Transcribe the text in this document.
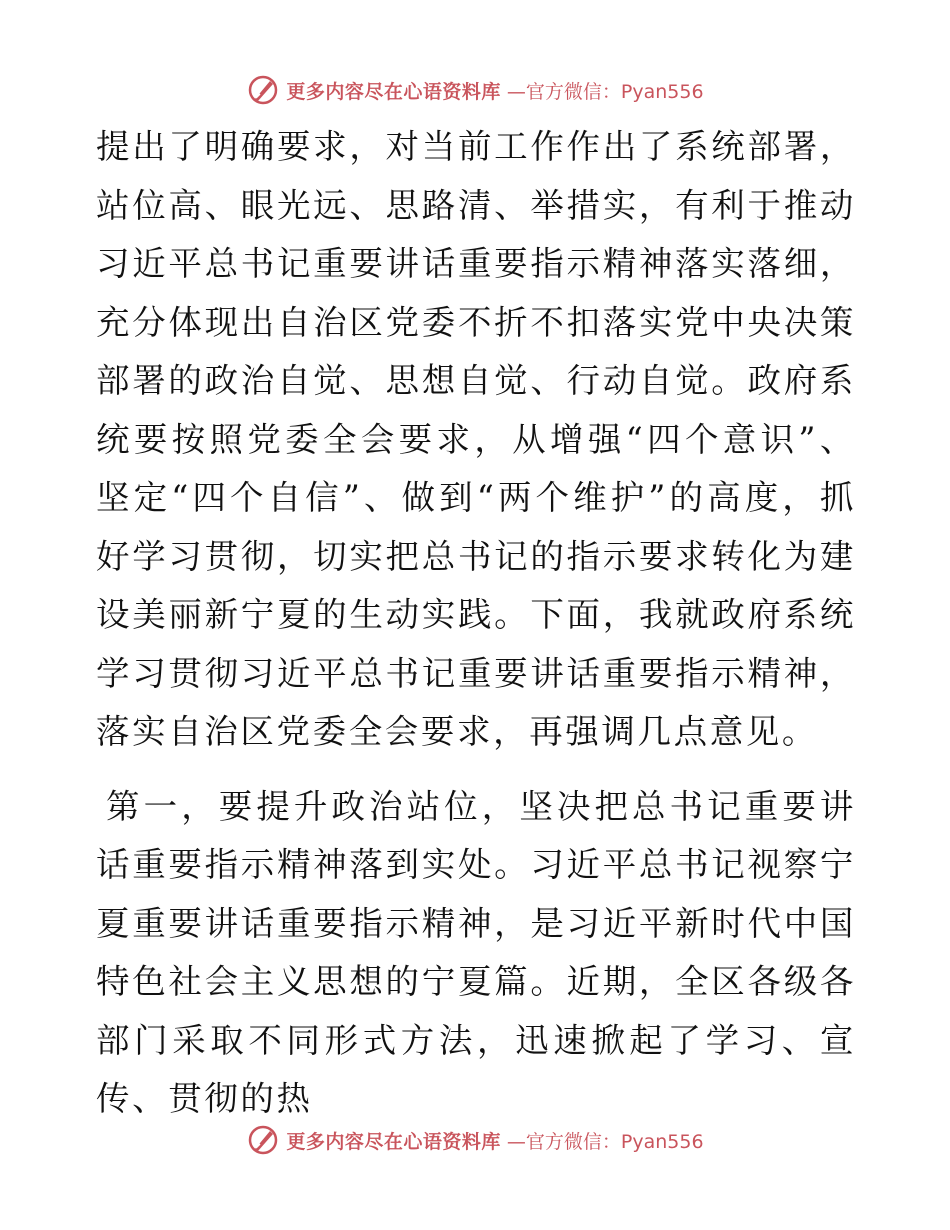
更多内容尽在心语资料库 —官方微信：Pyan556

提出了明确要求，对当前工作作出了系统部署，站位高、眼光远、思路清、举措实，有利于推动习近平总书记重要讲话重要指示精神落实落细，充分体现出自治区党委不折不扣落实党中央决策部署的政治自觉、思想自觉、行动自觉。政府系统要按照党委全会要求，从增强“四个意识”、坚定“四个自信”、做到“两个维护”的高度，抓好学习贯彻，切实把总书记的指示要求转化为建设美丽新宁夏的生动实践。下面，我就政府系统学习贯彻习近平总书记重要讲话重要指示精神，落实自治区党委全会要求，再强调几点意见。

第一，要提升政治站位，坚决把总书记重要讲话重要指示精神落到实处。习近平总书记视察宁夏重要讲话重要指示精神，是习近平新时代中国特色社会主义思想的宁夏篇。近期，全区各级各部门采取不同形式方法，迅速掀起了学习、宣传、贯彻的热

更多内容尽在心语资料库 —官方微信：Pyan556
